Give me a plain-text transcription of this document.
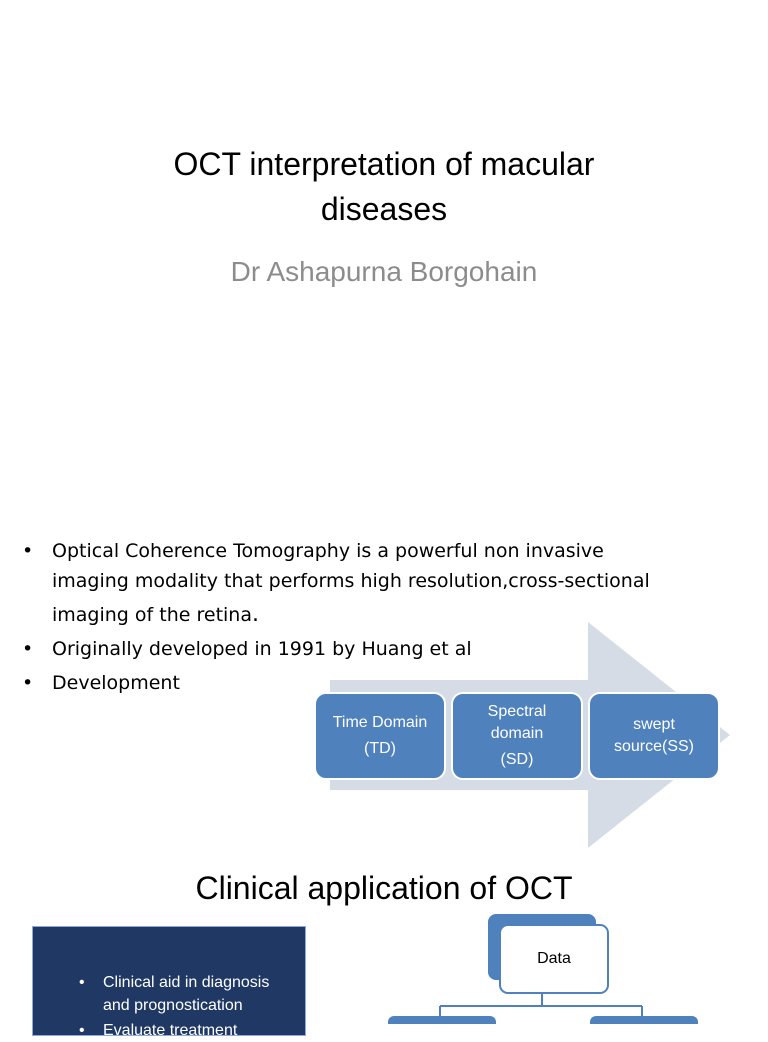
OCT interpretation of macular
diseases
Dr Ashapurna Borgohain
• Optical Coherence Tomography is a powerful non invasive
imaging modality that performs high resolution,cross-sectional
imaging of the retina.
• Originally developed in 1991 by Huang et al
• Development
Time Domain
(TD)
Spectral
domain
(SD)
swept
source(SS)
Clinical application of OCT
• Clinical aid in diagnosis
and prognostication
• Evaluate treatment
Data
